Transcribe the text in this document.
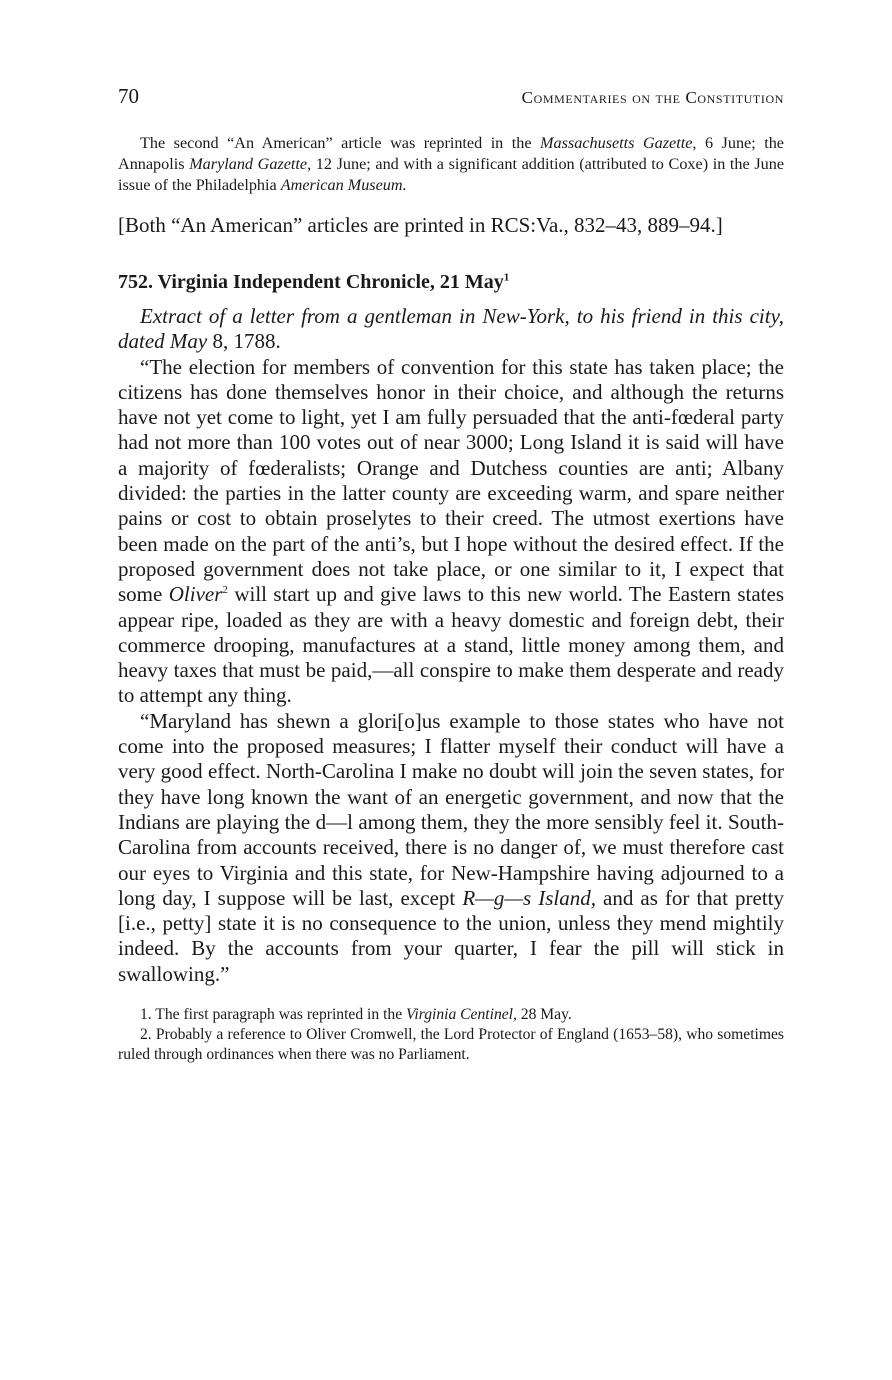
70	Commentaries on the Constitution

The second “An American” article was reprinted in the Massachusetts Gazette, 6 June; the Annapolis Maryland Gazette, 12 June; and with a significant addition (attributed to Coxe) in the June issue of the Philadelphia American Museum.

[Both “An American” articles are printed in RCS:Va., 832–43, 889–94.]

752. Virginia Independent Chronicle, 21 May$^1$

Extract of a letter from a gentleman in New-York, to his friend in this city, dated May 8, 1788.

“The election for members of convention for this state has taken place; the citizens has done themselves honor in their choice, and although the returns have not yet come to light, yet I am fully persuaded that the anti-fœderal party had not more than 100 votes out of near 3000; Long Island it is said will have a majority of fœderalists; Orange and Dutchess counties are anti; Albany divided: the parties in the latter county are exceeding warm, and spare neither pains or cost to obtain proselytes to their creed. The utmost exertions have been made on the part of the anti’s, but I hope without the desired effect. If the proposed government does not take place, or one similar to it, I expect that some Oliver$^2$ will start up and give laws to this new world. The Eastern states appear ripe, loaded as they are with a heavy domestic and foreign debt, their commerce drooping, manufactures at a stand, little money among them, and heavy taxes that must be paid,—all conspire to make them desperate and ready to attempt any thing.

“Maryland has shewn a glori[o]us example to those states who have not come into the proposed measures; I flatter myself their conduct will have a very good effect. North-Carolina I make no doubt will join the seven states, for they have long known the want of an energetic government, and now that the Indians are playing the d—l among them, they the more sensibly feel it. South-Carolina from accounts received, there is no danger of, we must therefore cast our eyes to Virginia and this state, for New-Hampshire having adjourned to a long day, I suppose will be last, except R—g—s Island, and as for that pretty [i.e., petty] state it is no consequence to the union, unless they mend mightily indeed. By the accounts from your quarter, I fear the pill will stick in swallowing.”

1. The first paragraph was reprinted in the Virginia Centinel, 28 May.

2. Probably a reference to Oliver Cromwell, the Lord Protector of England (1653–58), who sometimes ruled through ordinances when there was no Parliament.
